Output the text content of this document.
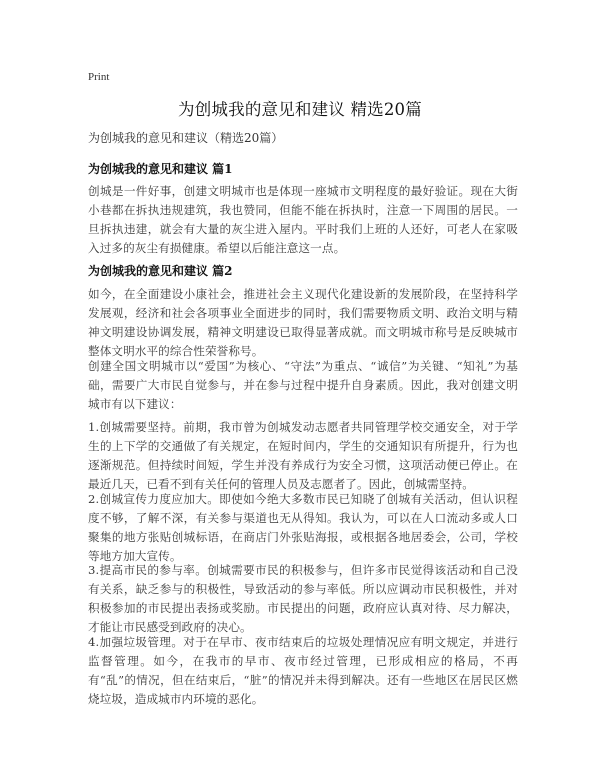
Print
为创城我的意见和建议 精选20篇
为创城我的意见和建议（精选20篇）
为创城我的意见和建议 篇1

创城是一件好事，创建文明城市也是体现一座城市文明程度的最好验证。现在大街小巷都在拆执违规建筑，我也赞同，但能不能在拆执时，注意一下周围的居民。一旦拆执违建，就会有大量的灰尘进入屋内。平时我们上班的人还好，可老人在家吸入过多的灰尘有损健康。希望以后能注意这一点。

为创城我的意见和建议 篇2

如今，在全面建设小康社会，推进社会主义现代化建设新的发展阶段，在坚持科学发展观，经济和社会各项事业全面进步的同时，我们需要物质文明、政治文明与精神文明建设协调发展，精神文明建设已取得显著成就。而文明城市称号是反映城市整体文明水平的综合性荣誉称号。

创建全国文明城市以“爱国”为核心、“守法”为重点、“诚信”为关键、“知礼”为基础，需要广大市民自觉参与，并在参与过程中提升自身素质。因此，我对创建文明城市有以下建议：

1.创城需要坚持。前期，我市曾为创城发动志愿者共同管理学校交通安全，对于学生的上下学的交通做了有关规定，在短时间内，学生的交通知识有所提升，行为也逐渐规范。但持续时间短，学生并没有养成行为安全习惯，这项活动便已停止。在最近几天，已看不到有关任何的管理人员及志愿者了。因此，创城需坚持。

2.创城宣传力度应加大。即使如今绝大多数市民已知晓了创城有关活动，但认识程度不够，了解不深，有关参与渠道也无从得知。我认为，可以在人口流动多或人口聚集的地方张贴创城标语，在商店门外张贴海报，或根据各地居委会，公司，学校等地方加大宣传。

3.提高市民的参与率。创城需要市民的积极参与，但许多市民觉得该活动和自己没有关系，缺乏参与的积极性，导致活动的参与率低。所以应调动市民积极性，并对积极参加的市民提出表扬或奖励。市民提出的问题，政府应认真对待、尽力解决，才能让市民感受到政府的决心。

4.加强垃圾管理。对于在早市、夜市结束后的垃圾处理情况应有明文规定，并进行监督管理。如今，在我市的早市、夜市经过管理，已形成相应的格局，不再有“乱”的情况，但在结束后，“脏”的情况并未得到解决。还有一些地区在居民区燃烧垃圾，造成城市内环境的恶化。
